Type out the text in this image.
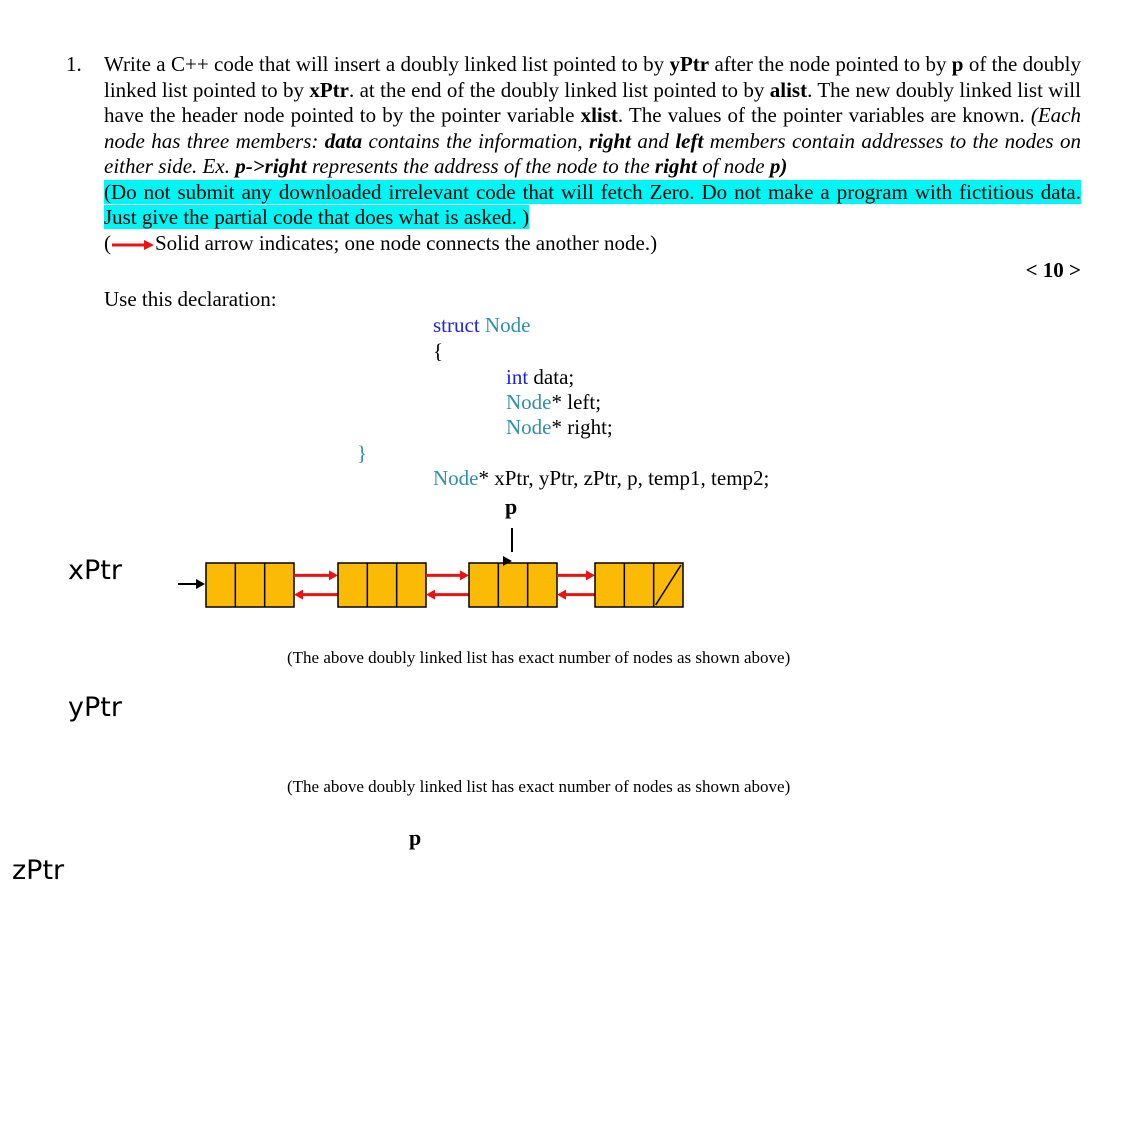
1. Write a C++ code that will insert a doubly linked list pointed to by yPtr after the node pointed to by p of the doubly linked list pointed to by xPtr. at the end of the doubly linked list pointed to by alist. The new doubly linked list will have the header node pointed to by the pointer variable xlist. The values of the pointer variables are known. (Each node has three members: data contains the information, right and left members contain addresses to the nodes on either side. Ex. p->right represents the address of the node to the right of node p)

(Do not submit any downloaded irrelevant code that will fetch Zero. Do not make a program with fictitious data. Just give the partial code that does what is asked. )

( Solid arrow indicates; one node connects the another node.)

< 10 >
Use this declaration:
struct Node
{
int data;
Node* left;
Node* right;
}
Node* xPtr, yPtr, zPtr, p, temp1, temp2;
p
xPtr
(The above doubly linked list has exact number of nodes as shown above)
yPtr
(The above doubly linked list has exact number of nodes as shown above)
p
zPtr
